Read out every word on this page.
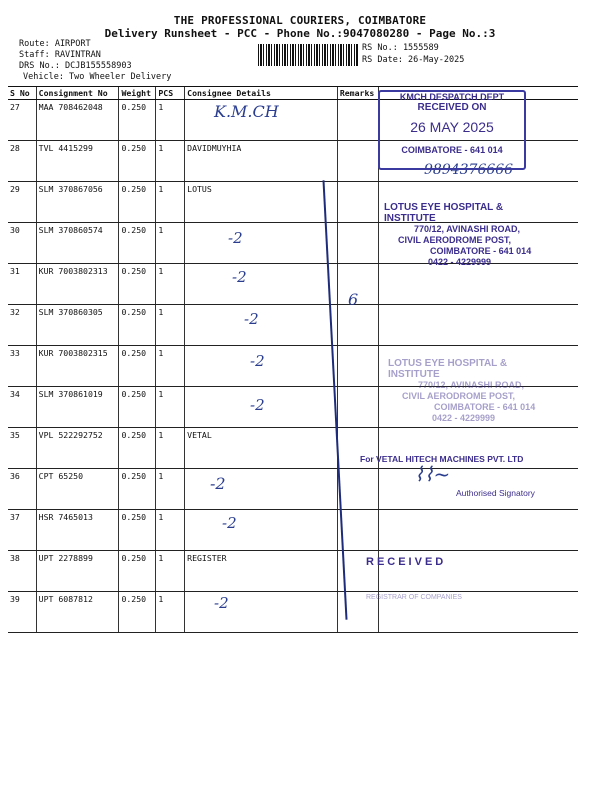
THE PROFESSIONAL COURIERS, COIMBATORE
Delivery Runsheet - PCC - Phone No.:9047080280 - Page No.:3
Route: AIRPORT
Staff: RAVINTRAN
DRS No.: DCJB155558903
Vehicle: Two Wheeler Delivery
RS No.: 1555589
RS Date: 26-May-2025
S No	Consignment No	Weight	PCS	Consignee Details	Remarks	
27	MAA 708462048	0.250	1			
28	TVL 4415299	0.250	1	DAVIDMUYHIA		
29	SLM 370867056	0.250	1	LOTUS		
30	SLM 370860574	0.250	1			
31	KUR 7003802313	0.250	1			
32	SLM 370860305	0.250	1			
33	KUR 7003802315	0.250	1			
34	SLM 370861019	0.250	1			
35	VPL 522292752	0.250	1	VETAL		
36	CPT 65250	0.250	1			
37	HSR 7465013	0.250	1			
38	UPT 2278899	0.250	1	REGISTER		
39	UPT 6087812	0.250	1			
K.M.CH
-2
-2
-2
-2
-2
-2
-2
-2
9894376666
6
KMCH DESPATCH DEPT
RECEIVED ON
26 MAY 2025
COIMBATORE - 641 014
LOTUS EYE HOSPITAL & INSTITUTE
770/12, AVINASHI ROAD,
CIVIL AERODROME POST,
COIMBATORE - 641 014
0422 - 4229999
LOTUS EYE HOSPITAL & INSTITUTE
770/12, AVINASHI ROAD,
CIVIL AERODROME POST,
COIMBATORE - 641 014
0422 - 4229999
For VETAL HITECH MACHINES PVT. LTD
Authorised Signatory
⌇⌇~
RECEIVED
REGISTRAR OF COMPANIES
